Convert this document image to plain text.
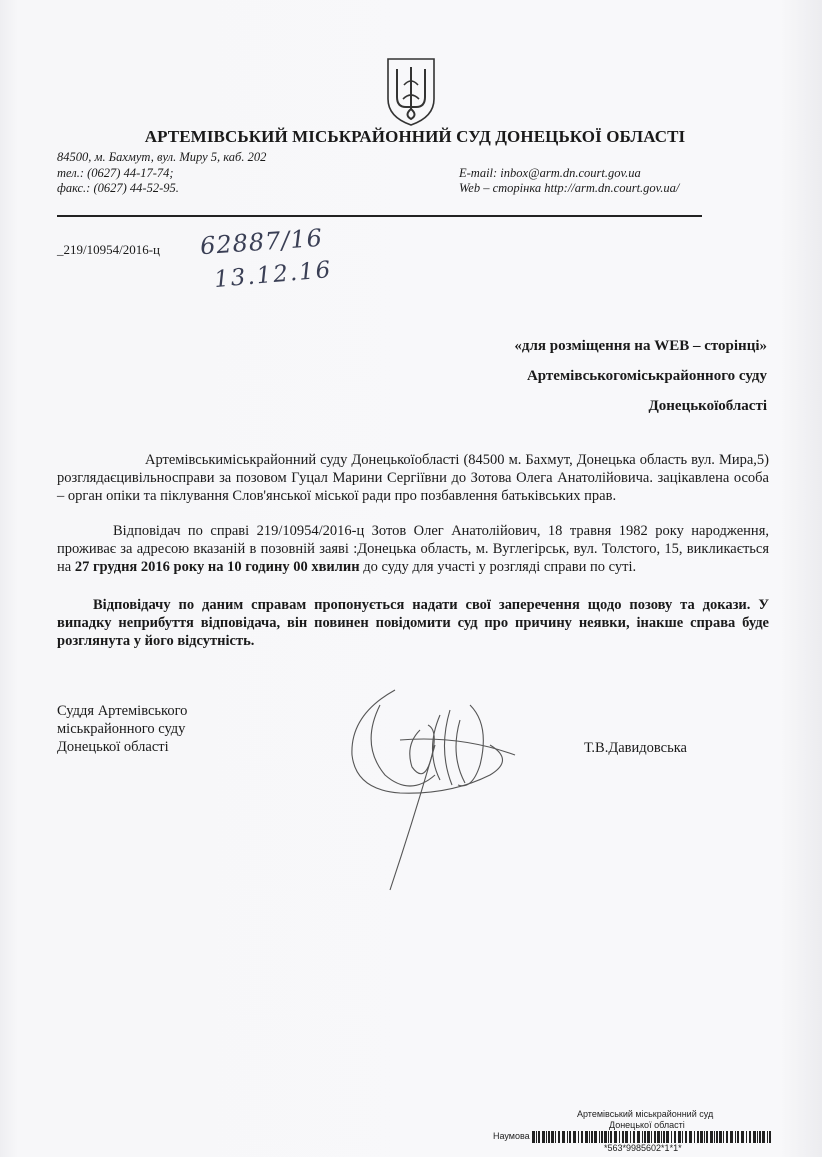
АРТЕМІВСЬКИЙ МІСЬКРАЙОННИЙ СУД ДОНЕЦЬКОЇ ОБЛАСТІ
84500, м. Бахмут, вул. Миру 5, каб. 202
тел.: (0627) 44-17-74;
факс.: (0627) 44-52-95.
E-mail: inbox@arm.dn.court.gov.ua
Web – сторінка http://arm.dn.court.gov.ua/
_219/10954/2016-ц 62887/16
13.12.16
«для розміщення на WEB – сторінці»
Артемівськогоміськрайонного суду
Донецькоїобласті
Артемівськиміськрайонний суду Донецькоїобласті (84500 м. Бахмут, Донецька область вул. Мира,5) розглядаєцивільносправи за позовом Гуцал Марини Сергіївни до Зотова Олега Анатолійовича. зацікавлена особа – орган опіки та піклування Слов'янської міської ради про позбавлення батьківських прав.
Відповідач по справі 219/10954/2016-ц Зотов Олег Анатолійович, 18 травня 1982 року народження, проживає за адресою вказаній в позовній заяві :Донецька область, м. Вуглегірськ, вул. Толстого, 15, викликається на 27 грудня 2016 року на 10 годину 00 хвилин до суду для участі у розгляді справи по суті.
Відповідачу по даним справам пропонується надати свої заперечення щодо позову та докази. У випадку неприбуття відповідача, він повинен повідомити суд про причину неявки, інакше справа буде розглянута у його відсутність.
Суддя Артемівського
міськрайонного суду
Донецької області	Т.В.Давидовська
Артемівський міськрайонний суд
Донецької області
Наумова
*563*9985602*1*1*
